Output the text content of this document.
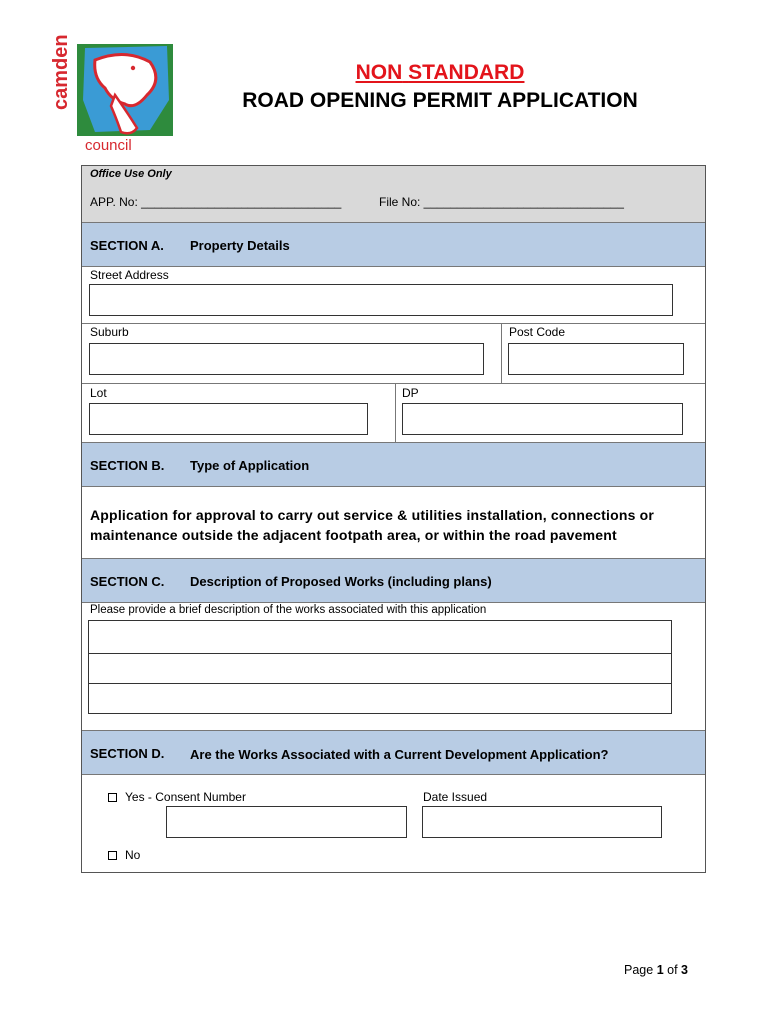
camden
council
NON STANDARD
ROAD OPENING PERMIT APPLICATION
Office Use Only
APP. No: ______________________________	File No: ______________________________
SECTION A. Property Details
Street Address
Suburb	Post Code
Lot	DP
SECTION B. Type of Application

Application for approval to carry out service & utilities installation, connections or maintenance outside the adjacent footpath area, or within the road pavement

SECTION C. Description of Proposed Works (including plans)
Please provide a brief description of the works associated with this application
SECTION D. Are the Works Associated with a Current Development Application?
Yes - Consent Number	Date Issued
No
Page 1 of 3
